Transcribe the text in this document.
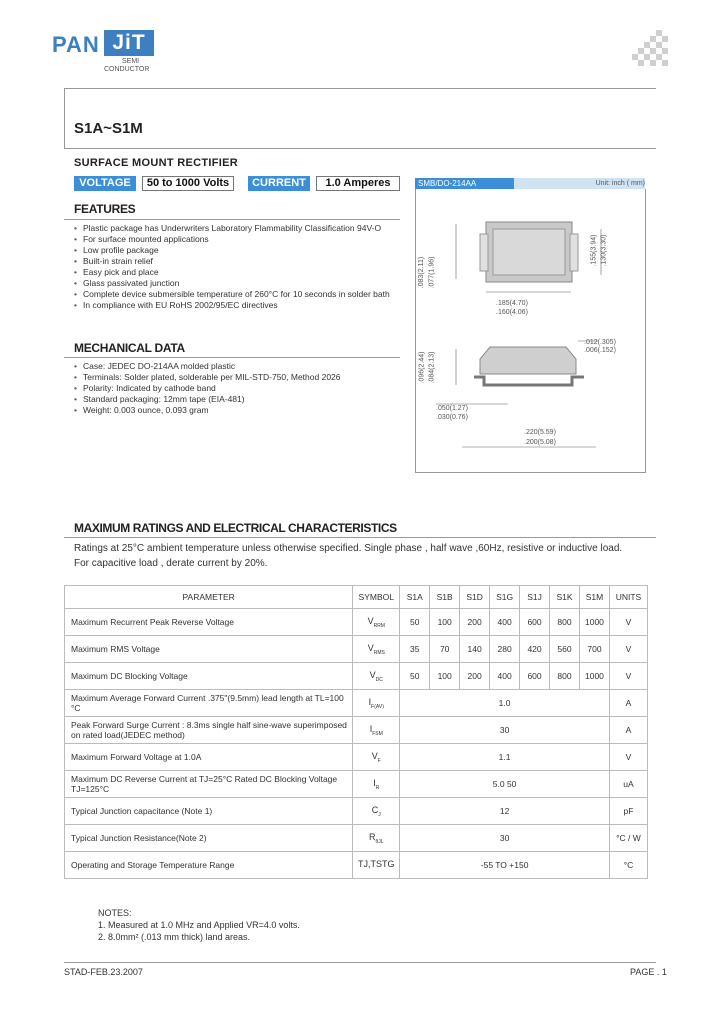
PAN JiT
SEMI
CONDUCTOR
S1A~S1M
SURFACE MOUNT RECTIFIER
VOLTAGE	50 to 1000 Volts	CURRENT	1.0 Amperes	SMB/DO-214AA	Unit: inch ( mm)
.185(4.70)
.160(4.06)
.012(.305)
.006(.152)
.050(1.27)
.030(0.76)
.220(5.59)
.200(5.08)
.083(2.11) .077(1.96)
.155(3.94) .130(3.30)
.096(2.44) .084(2.13)
FEATURES
• Plastic package has Underwriters Laboratory Flammability Classification 94V-O
• For surface mounted applications
• Low profile package
• Built-in strain relief
• Easy pick and place
• Glass passivated junction
• Complete device submersible temperature of 260°C for 10 seconds in solder bath
• In compliance with EU RoHS 2002/95/EC directives
MECHANICAL DATA
• Case: JEDEC DO-214AA molded plastic
• Terminals: Solder plated, solderable per MIL-STD-750, Method 2026
• Polarity: Indicated by cathode band
• Standard packaging: 12mm tape (EIA-481)
• Weight: 0.003 ounce, 0.093 gram
MAXIMUM RATINGS AND ELECTRICAL CHARACTERISTICS
Ratings at 25°C ambient temperature unless otherwise specified. Single phase , half wave ,60Hz, resistive or inductive load.
For capacitive load , derate current by 20%.
PARAMETER	SYMBOL	S1A	S1B	S1D	S1G	S1J	S1K	S1M	UNITS
Maximum Recurrent Peak Reverse Voltage	$V_{RRM}$	50	100	200	400	600	800	1000	V
Maximum RMS Voltage	$V_{RMS}$	35	70	140	280	420	560	700	V
Maximum DC Blocking Voltage	$V_{DC}$	50	100	200	400	600	800	1000	V
Maximum Average Forward Current .375"(9.5mm) lead length at TL=100 °C	$I_{F(AV)}$	1.0							A
Peak Forward Surge Current : 8.3ms single half sine-wave superimposed on rated load(JEDEC method)	$I_{FSM}$	30							A
Maximum Forward Voltage at 1.0A	$V_F$	1.1							V
Maximum DC Reverse Current at TJ=25°C Rated DC Blocking Voltage TJ=125°C	$I_R$	5.0 50							uA
Typical Junction capacitance (Note 1)	$C_J$	12							pF
Typical Junction Resistance(Note 2)	$R_{\theta JL}$	30							°C / W
Operating and Storage Temperature Range	TJ,TSTG	-55 TO +150							°C
NOTES:
1. Measured at 1.0 MHz and Applied VR=4.0 volts.
2. 8.0mm² (.013 mm thick) land areas.
STAD-FEB.23.2007	PAGE . 1
